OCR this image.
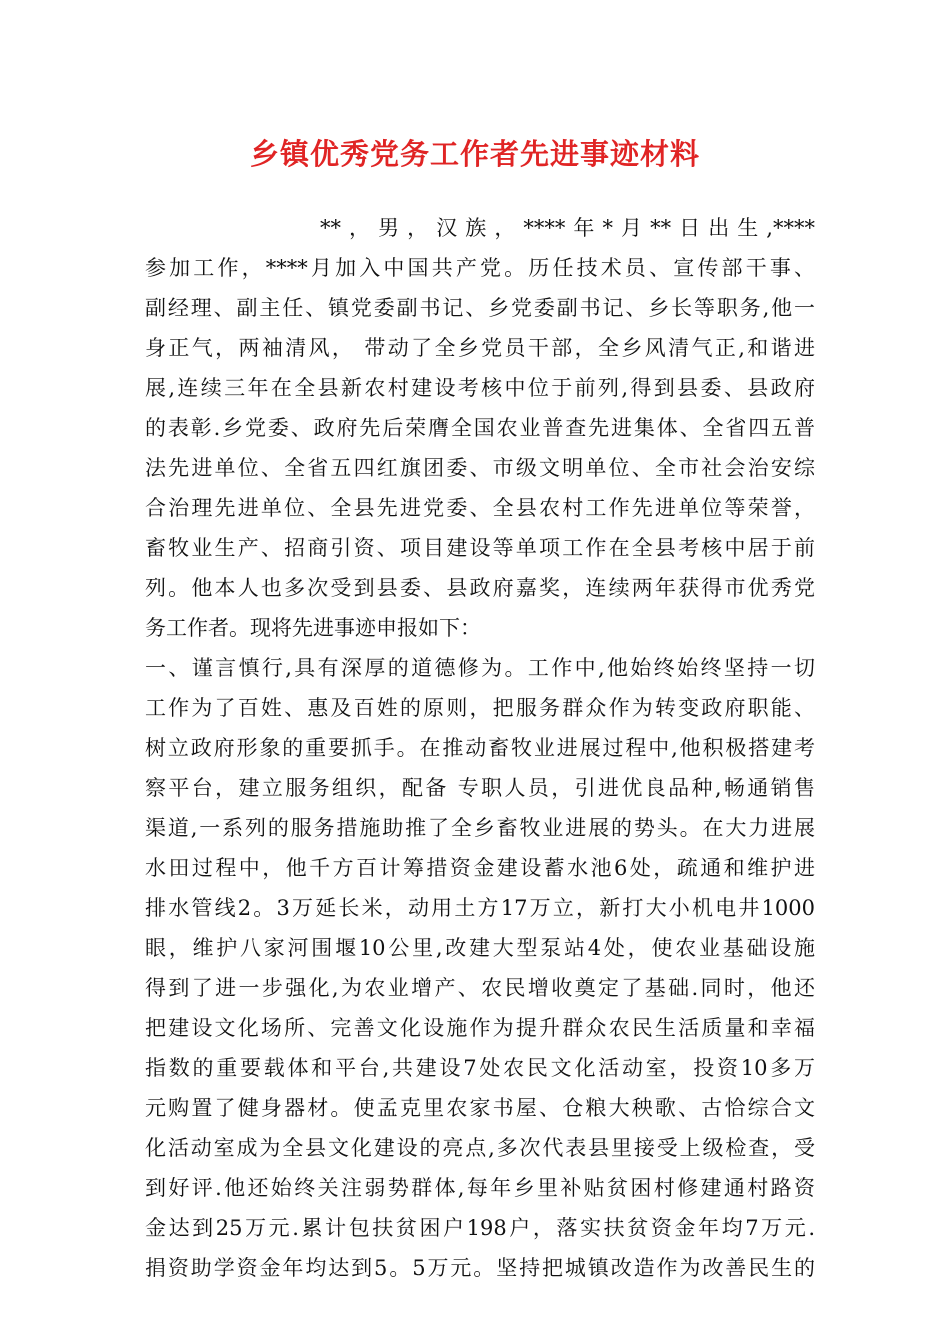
乡镇优秀党务工作者先进事迹材料
**，男，汉族，****年*月**日出生,****
参加工作，****月加入中国共产党。历任技术员、宣传部干事、
副经理、副主任、镇党委副书记、乡党委副书记、乡长等职务,他一
身正气，两袖清风， 带动了全乡党员干部，全乡风清气正,和谐进
展,连续三年在全县新农村建设考核中位于前列,得到县委、县政府
的表彰.乡党委、政府先后荣膺全国农业普查先进集体、全省四五普
法先进单位、全省五四红旗团委、市级文明单位、全市社会治安综
合治理先进单位、全县先进党委、全县农村工作先进单位等荣誉，
畜牧业生产、招商引资、项目建设等单项工作在全县考核中居于前
列。他本人也多次受到县委、县政府嘉奖，连续两年获得市优秀党
务工作者。现将先进事迹申报如下：
一、谨言慎行,具有深厚的道德修为。工作中,他始终始终坚持一切
工作为了百姓、惠及百姓的原则，把服务群众作为转变政府职能、
树立政府形象的重要抓手。在推动畜牧业进展过程中,他积极搭建考
察平台，建立服务组织，配备 专职人员，引进优良品种,畅通销售
渠道,一系列的服务措施助推了全乡畜牧业进展的势头。在大力进展
水田过程中，他千方百计筹措资金建设蓄水池6处，疏通和维护进
排水管线2。3万延长米，动用土方17万立，新打大小机电井1000
眼，维护八家河围堰10公里,改建大型泵站4处，使农业基础设施
得到了进一步强化,为农业增产、农民增收奠定了基础.同时，他还
把建设文化场所、完善文化设施作为提升群众农民生活质量和幸福
指数的重要载体和平台,共建设7处农民文化活动室，投资10多万
元购置了健身器材。使孟克里农家书屋、仓粮大秧歌、古恰综合文
化活动室成为全县文化建设的亮点,多次代表县里接受上级检查，受
到好评.他还始终关注弱势群体,每年乡里补贴贫困村修建通村路资
金达到25万元.累计包扶贫困户198户，落实扶贫资金年均7万元.
捐资助学资金年均达到5。5万元。坚持把城镇改造作为改善民生的
